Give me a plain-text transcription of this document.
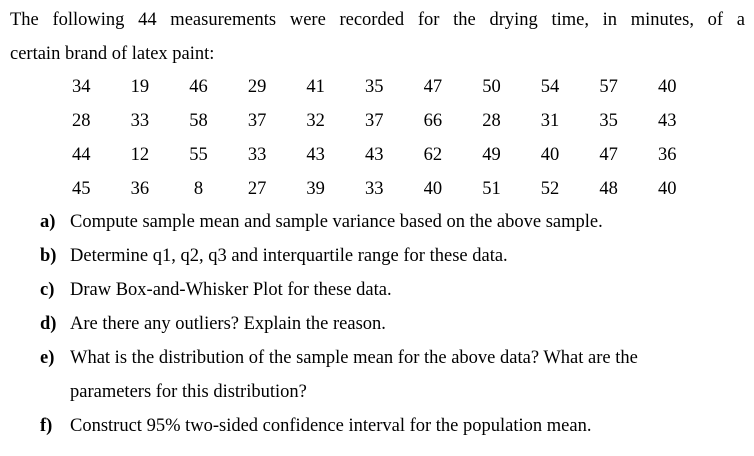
The following 44 measurements were recorded for the drying time, in minutes, of a
certain brand of latex paint:
34	19	46	29	41	35	47	50	54	57	40
28	33	58	37	32	37	66	28	31	35	43
44	12	55	33	43	43	62	49	40	47	36
45	36	8	27	39	33	40	51	52	48	40
a) Compute sample mean and sample variance based on the above sample.
b) Determine q1, q2, q3 and interquartile range for these data.
c) Draw Box-and-Whisker Plot for these data.
d) Are there any outliers? Explain the reason.
e) What is the distribution of the sample mean for the above data? What are the
parameters for this distribution?
f) Construct 95% two-sided confidence interval for the population mean.
